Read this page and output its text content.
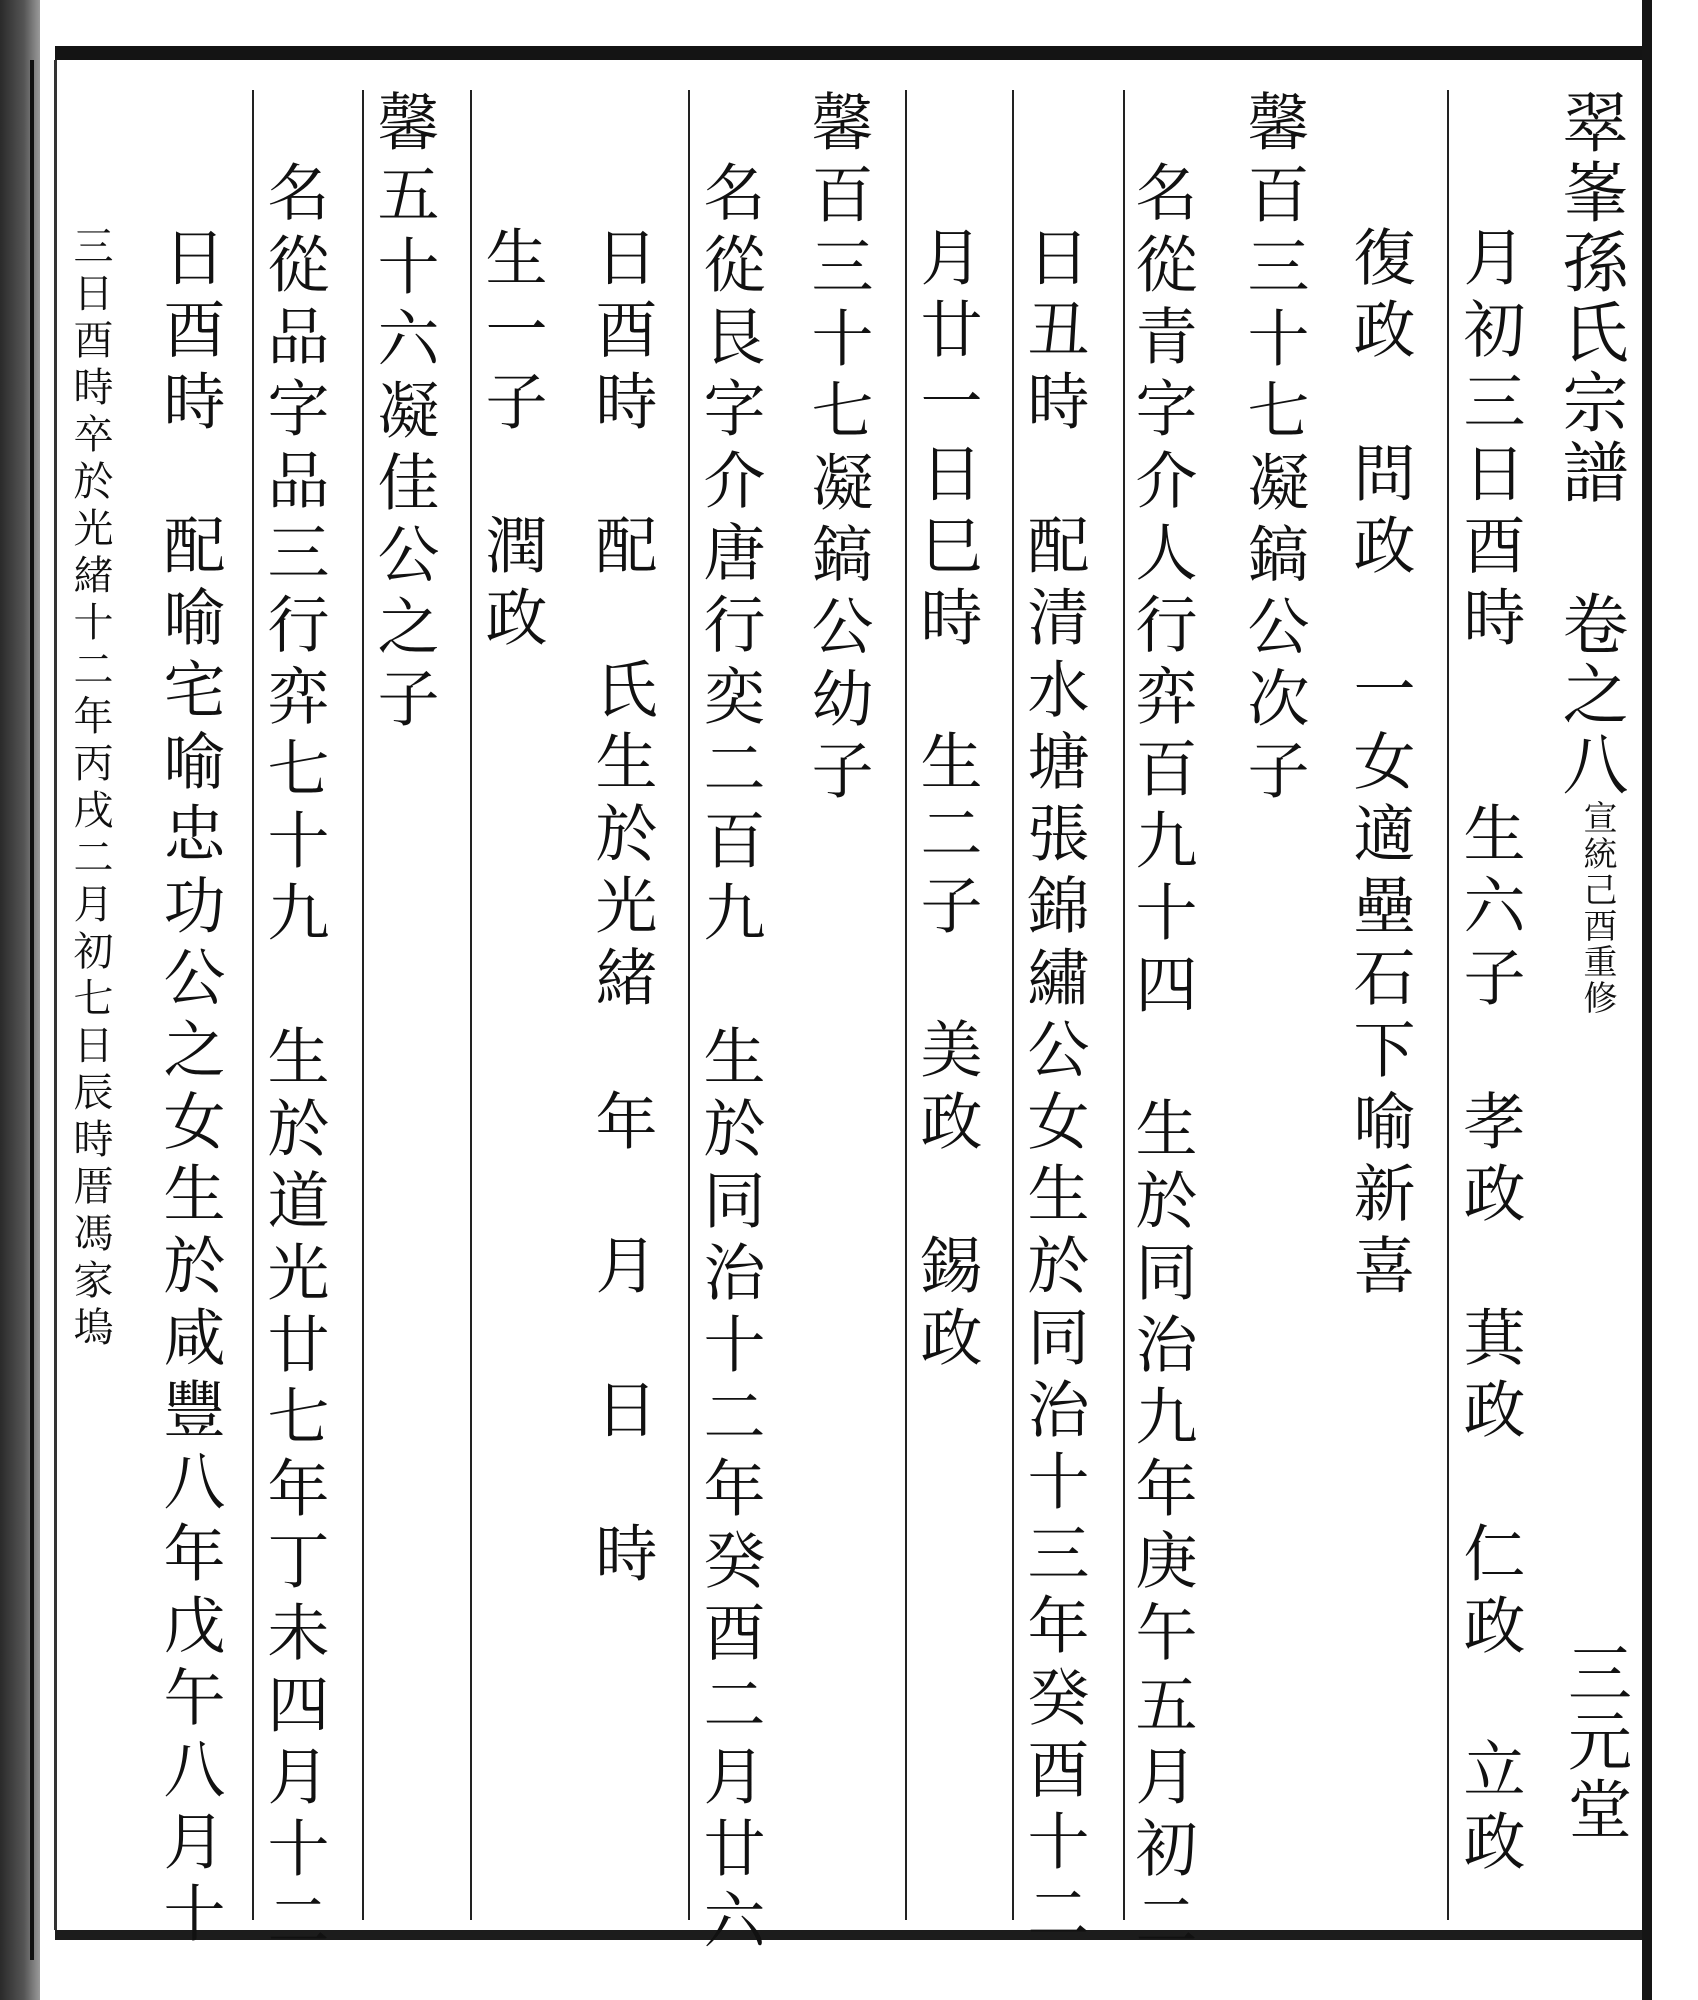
翠峯孫氏宗譜
卷之八
宣統己酉重修
三元堂
月初三日酉時　　生六子　孝政　萁政　仁政　立政
復政　問政　一女適壘石下喻新喜
馨百三十七凝鎬公次子
名從青字介人行弈百九十四　生於同治九年庚午五月初二
日丑時　配清水塘張錦繡公女生於同治十三年癸酉十二
月廿一日巳時　生二子　美政　錫政
馨百三十七凝鎬公幼子
名從艮字介唐行奕二百九　生於同治十二年癸酉二月廿六
日酉時　配　氏生於光緒　年　月　日　時
生一子　潤政
馨五十六凝佳公之子
名從品字品三行弈七十九　生於道光廿七年丁未四月十二
日酉時　配喻宅喻忠功公之女生於咸豐八年戊午八月十
三日酉時卒於光緒十二年丙戌二月初七日辰時厝馮家塢
